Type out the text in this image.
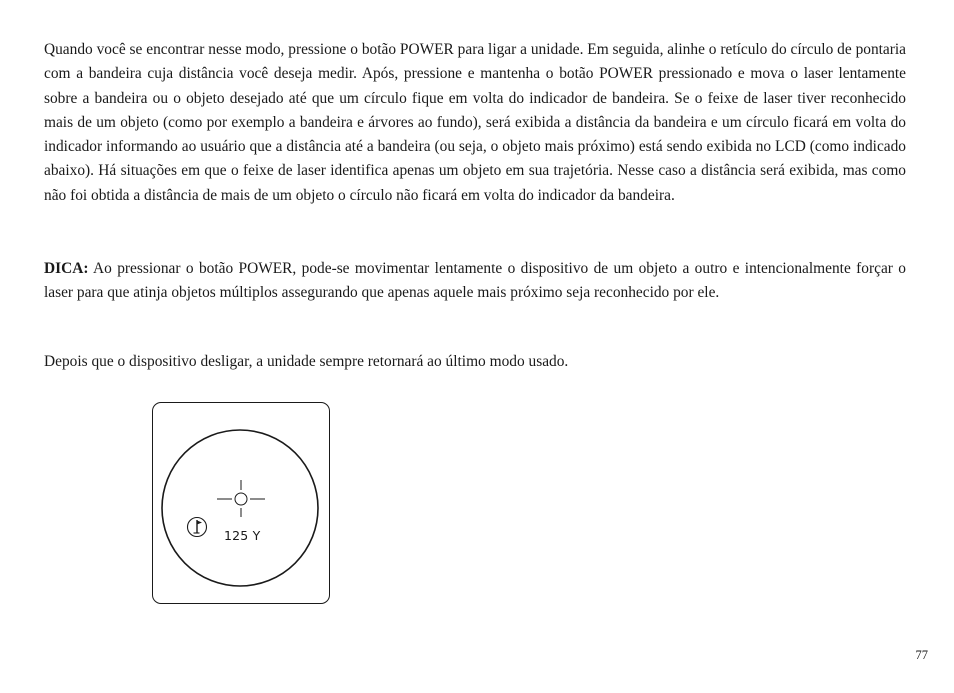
Quando você se encontrar nesse modo, pressione o botão POWER para ligar a unidade. Em seguida, alinhe o retículo do círculo de pontaria com a bandeira cuja distância você deseja medir. Após, pressione e mantenha o botão POWER pressionado e mova o laser lentamente sobre a bandeira ou o objeto desejado até que um círculo fique em volta do indicador de bandeira. Se o feixe de laser tiver reconhecido mais de um objeto (como por exemplo a bandeira e árvores ao fundo), será exibida a distância da bandeira e um círculo ficará em volta do indicador informando ao usuário que a distância até a bandeira (ou seja, o objeto mais próximo) está sendo exibida no LCD (como indicado abaixo). Há situações em que o feixe de laser identifica apenas um objeto em sua trajetória. Nesse caso a distância será exibida, mas como não foi obtida a distância de mais de um objeto o círculo não ficará em volta do indicador da bandeira.

DICA: Ao pressionar o botão POWER, pode-se movimentar lentamente o dispositivo de um objeto a outro e intencionalmente forçar o laser para que atinja objetos múltiplos assegurando que apenas aquele mais próximo seja reconhecido por ele.

Depois que o dispositivo desligar, a unidade sempre retornará ao último modo usado.

125 Y
77
